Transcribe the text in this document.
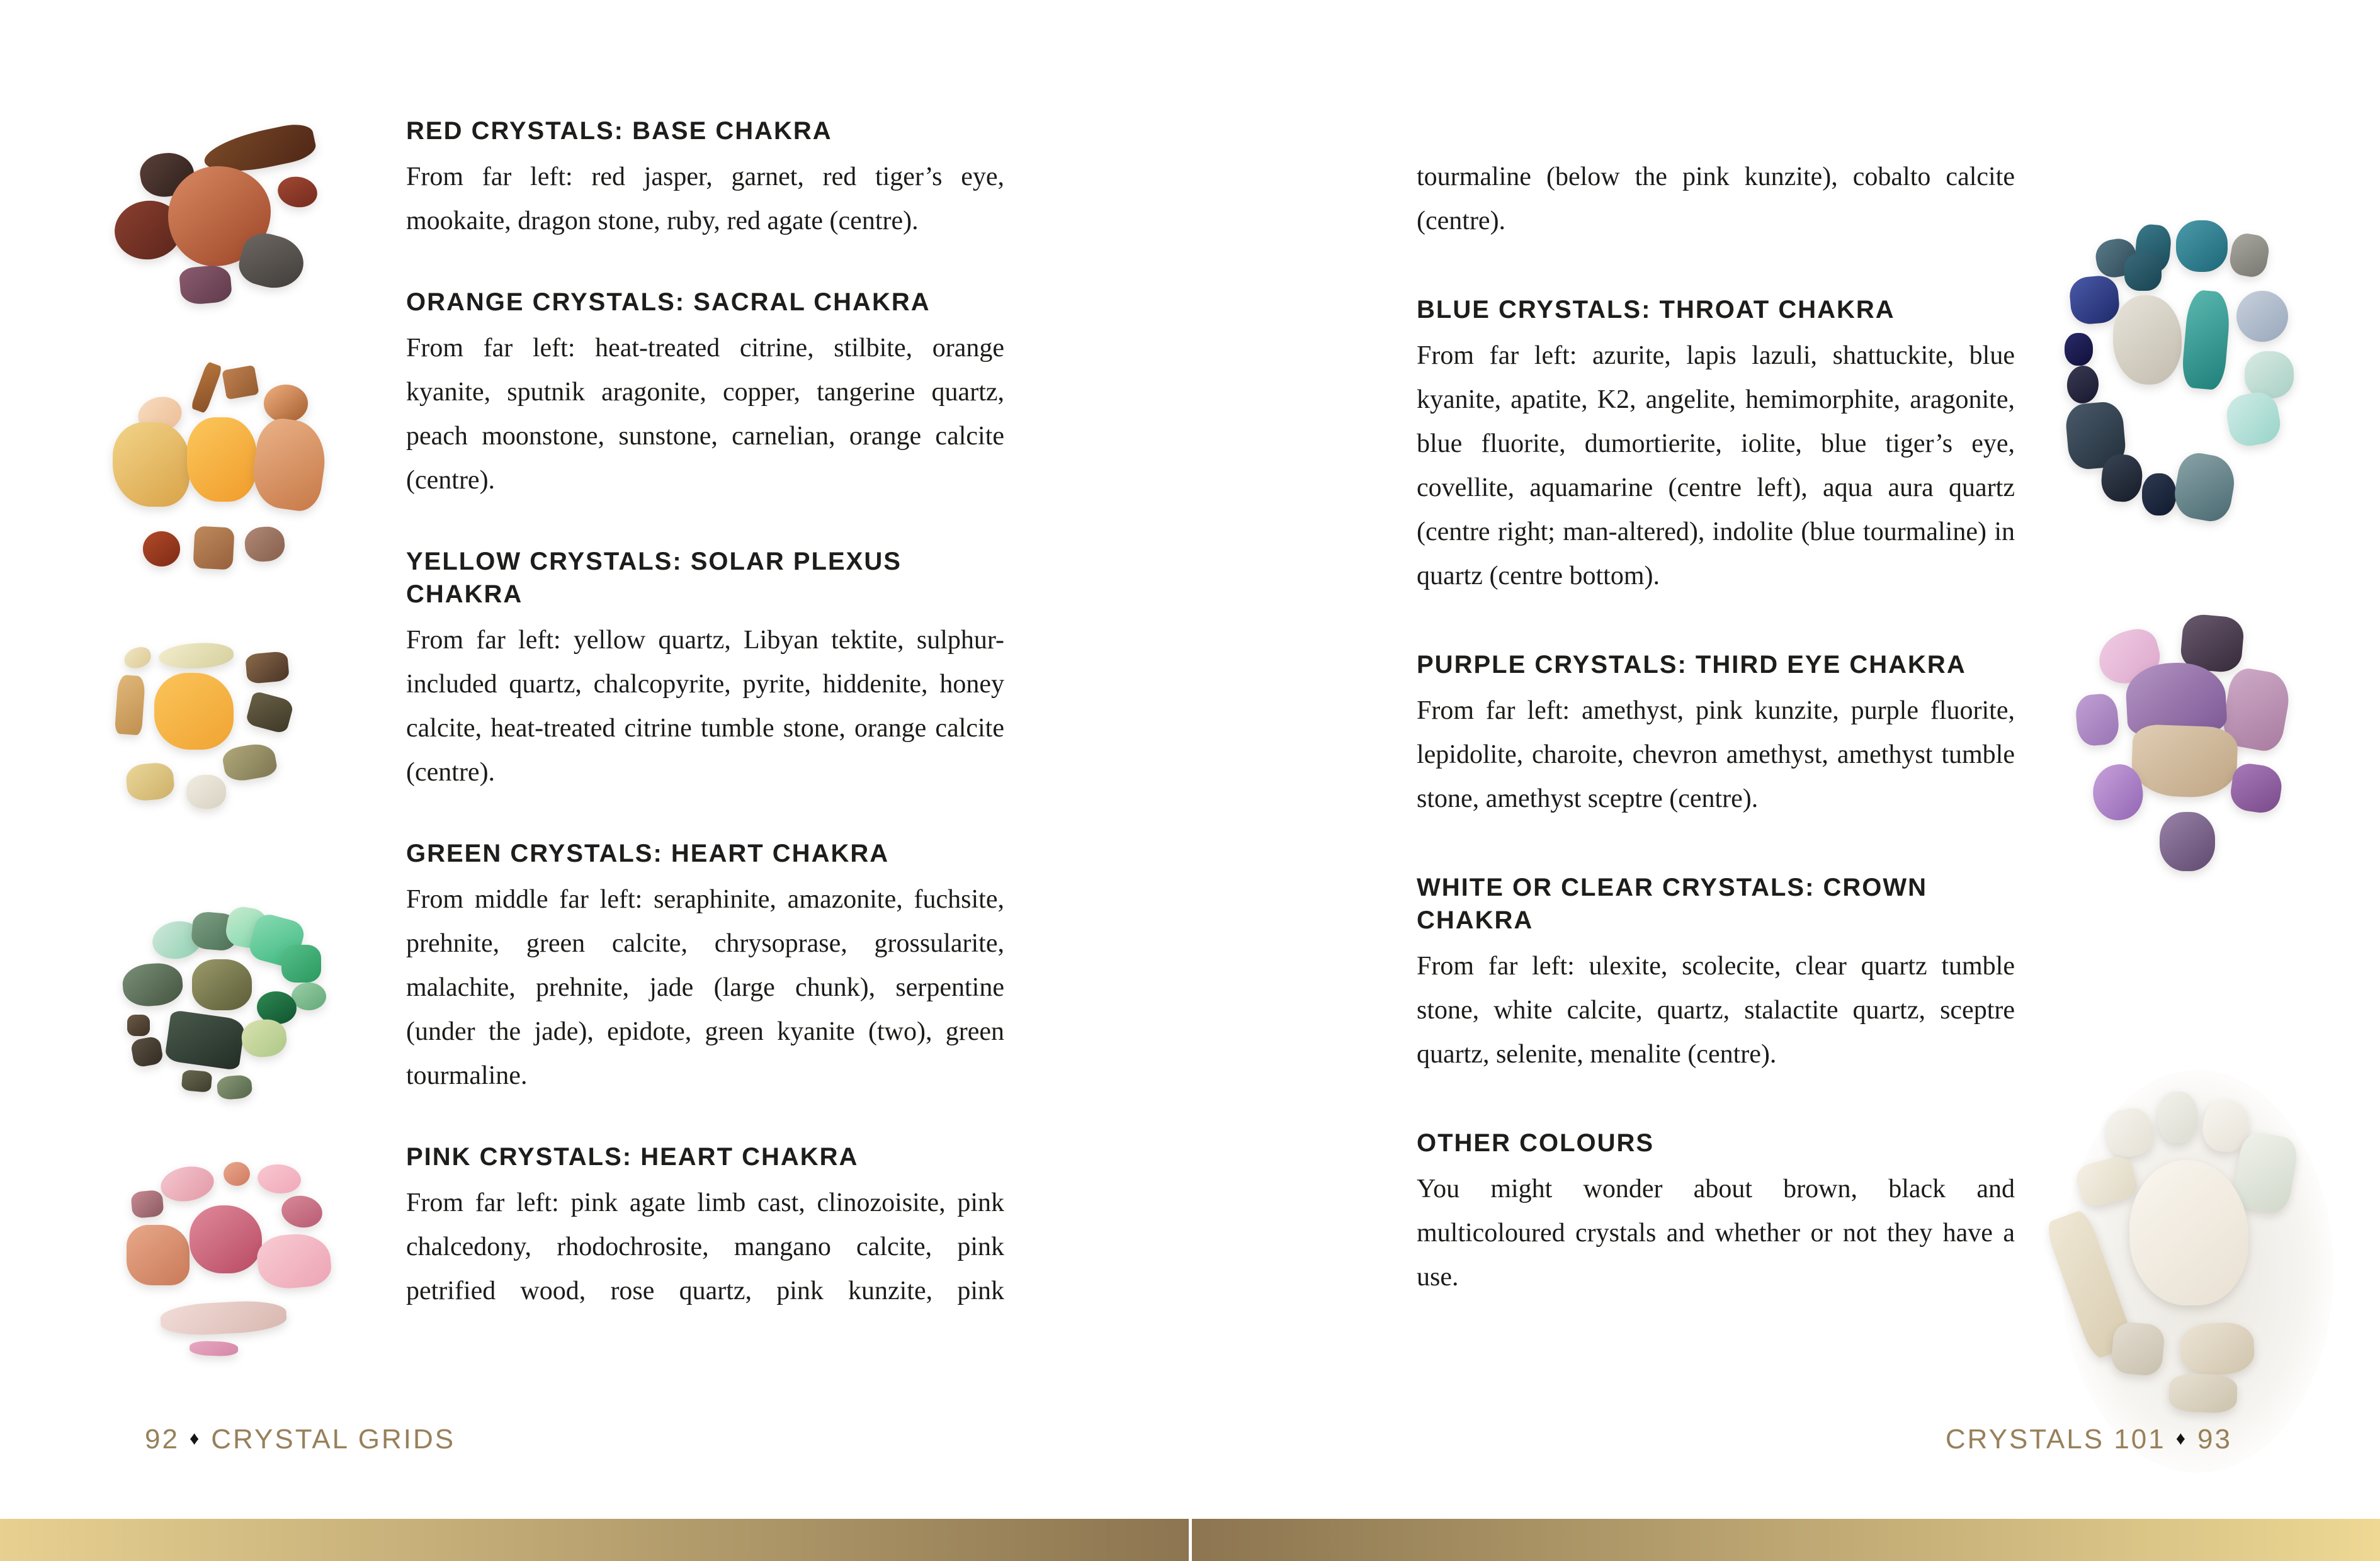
RED CRYSTALS: BASE CHAKRA

From far left: red jasper, garnet, red tiger’s eye, mookaite, dragon stone, ruby, red agate (centre).

ORANGE CRYSTALS: SACRAL CHAKRA

From far left: heat-treated citrine, stilbite, orange kyanite, sputnik aragonite, copper, tangerine quartz, peach moonstone, sunstone, carnelian, orange calcite (centre).

YELLOW CRYSTALS: SOLAR PLEXUS CHAKRA

From far left: yellow quartz, Libyan tektite, sulphur-included quartz, chalcopyrite, pyrite, hiddenite, honey calcite, heat-treated citrine tumble stone, orange calcite (centre).

GREEN CRYSTALS: HEART CHAKRA

From middle far left: seraphinite, amazonite, fuchsite, prehnite, green calcite, chrysoprase, grossularite, malachite, prehnite, jade (large chunk), serpentine (under the jade), epidote, green kyanite (two), green tourmaline.

PINK CRYSTALS: HEART CHAKRA

From far left: pink agate limb cast, clinozoisite, pink chalcedony, rhodochrosite, mangano calcite, pink petrified wood, rose quartz, pink kunzite, pink

tourmaline (below the pink kunzite), cobalto calcite (centre).

BLUE CRYSTALS: THROAT CHAKRA

From far left: azurite, lapis lazuli, shattuckite, blue kyanite, apatite, K2, angelite, hemimorphite, aragonite, blue fluorite, dumortierite, iolite, blue tiger’s eye, covellite, aquamarine (centre left), aqua aura quartz (centre right; man-altered), indolite (blue tourmaline) in quartz (centre bottom).

PURPLE CRYSTALS: THIRD EYE CHAKRA

From far left: amethyst, pink kunzite, purple fluorite, lepidolite, charoite, chevron amethyst, amethyst tumble stone, amethyst sceptre (centre).

WHITE OR CLEAR CRYSTALS: CROWN CHAKRA

From far left: ulexite, scolecite, clear quartz tumble stone, white calcite, quartz, stalactite quartz, sceptre quartz, selenite, menalite (centre).

OTHER COLOURS

You might wonder about brown, black and multicoloured crystals and whether or not they have a use.

92 ♦ CRYSTAL GRIDS	CRYSTALS 101 ♦ 93
